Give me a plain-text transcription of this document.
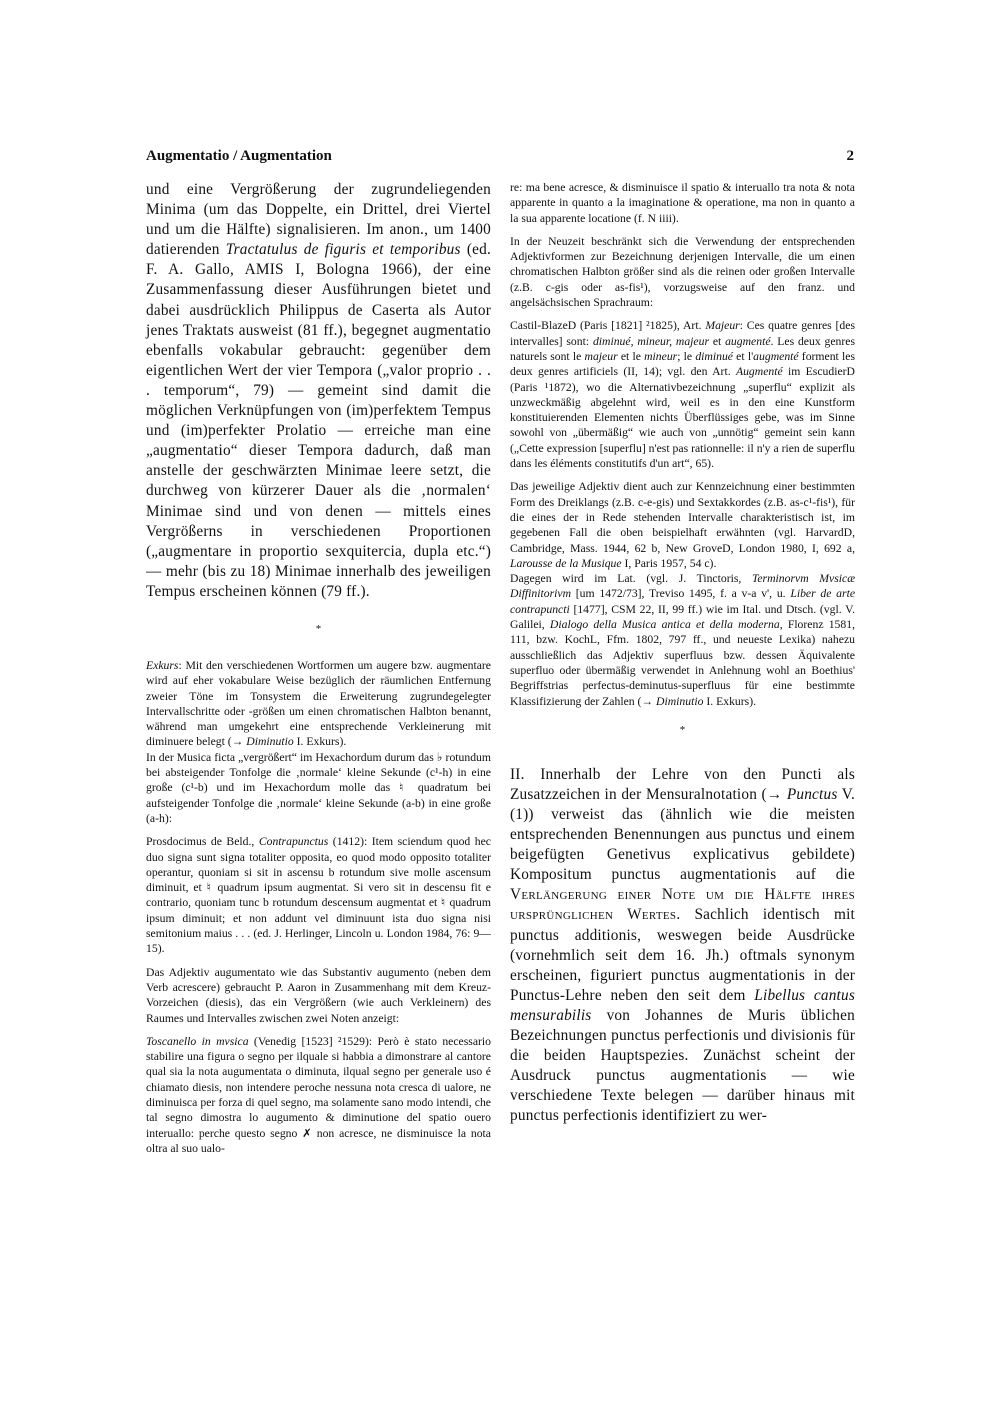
Augmentatio / Augmentation	2

und eine Vergrößerung der zugrundeliegenden Minima (um das Doppelte, ein Drittel, drei Viertel und um die Hälfte) signalisieren. Im anon., um 1400 datierenden Tractatulus de figuris et temporibus (ed. F. A. Gallo, AMIS I, Bologna 1966), der eine Zusammenfassung dieser Ausführungen bietet und dabei ausdrücklich Philippus de Caserta als Autor jenes Traktats ausweist (81 ff.), begegnet augmentatio ebenfalls vokabular gebraucht: gegenüber dem eigentlichen Wert der vier Tempora („valor proprio . . . temporum“, 79) — gemeint sind damit die möglichen Verknüpfungen von (im)perfektem Tempus und (im)perfekter Prolatio — erreiche man eine „augmentatio“ dieser Tempora dadurch, daß man anstelle der geschwärzten Minimae leere setzt, die durchweg von kürzerer Dauer als die ‚normalen‘ Minimae sind und von denen — mittels eines Vergrößerns in verschiedenen Proportionen („augmentare in proportio sexquitercia, dupla etc.“) — mehr (bis zu 18) Minimae innerhalb des jeweiligen Tempus erscheinen können (79 ff.).

*

Exkurs: Mit den verschiedenen Wortformen um augere bzw. augmentare wird auf eher vokabulare Weise bezüglich der räumlichen Entfernung zweier Töne im Tonsystem die Erweiterung zugrundegelegter Intervallschritte oder -größen um einen chromatischen Halbton benannt, während man umgekehrt eine entsprechende Verkleinerung mit diminuere belegt (→ Diminutio I. Exkurs).

In der Musica ficta „vergrößert“ im Hexachordum durum das ♭ rotundum bei absteigender Tonfolge die ‚normale‘ kleine Sekunde (c¹-h) in eine große (c¹-b) und im Hexachordum molle das ♮ quadratum bei aufsteigender Tonfolge die ‚normale‘ kleine Sekunde (a-b) in eine große (a-h):

Prosdocimus de Beld., Contrapunctus (1412): Item sciendum quod hec duo signa sunt signa totaliter opposita, eo quod modo opposito totaliter operantur, quoniam si sit in ascensu b rotundum sive molle ascensum diminuit, et ♮ quadrum ipsum augmentat. Si vero sit in descensu fit e contrario, quoniam tunc b rotundum descensum augmentat et ♮ quadrum ipsum diminuit; et non addunt vel diminuunt ista duo signa nisi semitonium maius . . . (ed. J. Herlinger, Lincoln u. London 1984, 76: 9—15).

Das Adjektiv augumentato wie das Substantiv augumento (neben dem Verb acrescere) gebraucht P. Aaron in Zusammenhang mit dem Kreuz-Vorzeichen (diesis), das ein Vergrößern (wie auch Verkleinern) des Raumes und Intervalles zwischen zwei Noten anzeigt:

Toscanello in mvsica (Venedig [1523] ²1529): Però è stato necessario stabilire una figura o segno per ilquale si habbia a dimonstrare al cantore qual sia la nota augumentata o diminuta, ilqual segno per generale uso é chiamato diesis, non intendere peroche nessuna nota cresca di ualore, ne diminuisca per forza di quel segno, ma solamente sano modo intendi, che tal segno dimostra lo augumento & diminutione del spatio ouero interuallo: perche questo segno ✗ non acresce, ne disminuisce la nota oltra al suo ualo-

re: ma bene acresce, & disminuisce il spatio & interuallo tra nota & nota apparente in quanto a la imaginatione & operatione, ma non in quanto a la sua apparente locatione (f. N iiii).

In der Neuzeit beschränkt sich die Verwendung der entsprechenden Adjektivformen zur Bezeichnung derjenigen Intervalle, die um einen chromatischen Halbton größer sind als die reinen oder großen Intervalle (z.B. c-gis oder as-fis¹), vorzugsweise auf den franz. und angelsächsischen Sprachraum:

Castil-BlazeD (Paris [1821] ²1825), Art. Majeur: Ces quatre genres [des intervalles] sont: diminué, mineur, majeur et augmenté. Les deux genres naturels sont le majeur et le mineur; le diminué et l'augmenté forment les deux genres artificiels (II, 14); vgl. den Art. Augmenté im EscudierD (Paris ¹1872), wo die Alternativbezeichnung „superflu“ explizit als unzweckmäßig abgelehnt wird, weil es in den eine Kunstform konstituierenden Elementen nichts Überflüssiges gebe, was im Sinne sowohl von „übermäßig“ wie auch von „unnötig“ gemeint sein kann („Cette expression [superflu] n'est pas rationnelle: il n'y a rien de superflu dans les éléments constitutifs d'un art“, 65).

Das jeweilige Adjektiv dient auch zur Kennzeichnung einer bestimmten Form des Dreiklangs (z.B. c-e-gis) und Sextakkordes (z.B. as-c¹-fis¹), für die eines der in Rede stehenden Intervalle charakteristisch ist, im gegebenen Fall die oben beispielhaft erwähnten (vgl. HarvardD, Cambridge, Mass. 1944, 62 b, New GroveD, London 1980, I, 692 a, Larousse de la Musique I, Paris 1957, 54 c).

Dagegen wird im Lat. (vgl. J. Tinctoris, Terminorvm Mvsicæ Diffinitorivm [um 1472/73], Treviso 1495, f. a v-a v', u. Liber de arte contrapuncti [1477], CSM 22, II, 99 ff.) wie im Ital. und Dtsch. (vgl. V. Galilei, Dialogo della Musica antica et della moderna, Florenz 1581, 111, bzw. KochL, Ffm. 1802, 797 ff., und neueste Lexika) nahezu ausschließlich das Adjektiv superfluus bzw. dessen Äquivalente superfluo oder übermäßig verwendet in Anlehnung wohl an Boethius' Begriffstrias perfectus-deminutus-superfluus für eine bestimmte Klassifizierung der Zahlen (→ Diminutio I. Exkurs).

*

II. Innerhalb der Lehre von den Puncti als Zusatzzeichen in der Mensuralnotation (→ Punctus V. (1)) verweist das (ähnlich wie die meisten entsprechenden Benennungen aus punctus und einem beigefügten Genetivus explicativus gebildete) Kompositum punctus augmentationis auf die Verlängerung einer Note um die Hälfte ihres ursprünglichen Wertes. Sachlich identisch mit punctus additionis, weswegen beide Ausdrücke (vornehmlich seit dem 16. Jh.) oftmals synonym erscheinen, figuriert punctus augmentationis in der Punctus-Lehre neben den seit dem Libellus cantus mensurabilis von Johannes de Muris üblichen Bezeichnungen punctus perfectionis und divisionis für die beiden Hauptspezies. Zunächst scheint der Ausdruck punctus augmentationis — wie verschiedene Texte belegen — darüber hinaus mit punctus perfectionis identifiziert zu wer-
